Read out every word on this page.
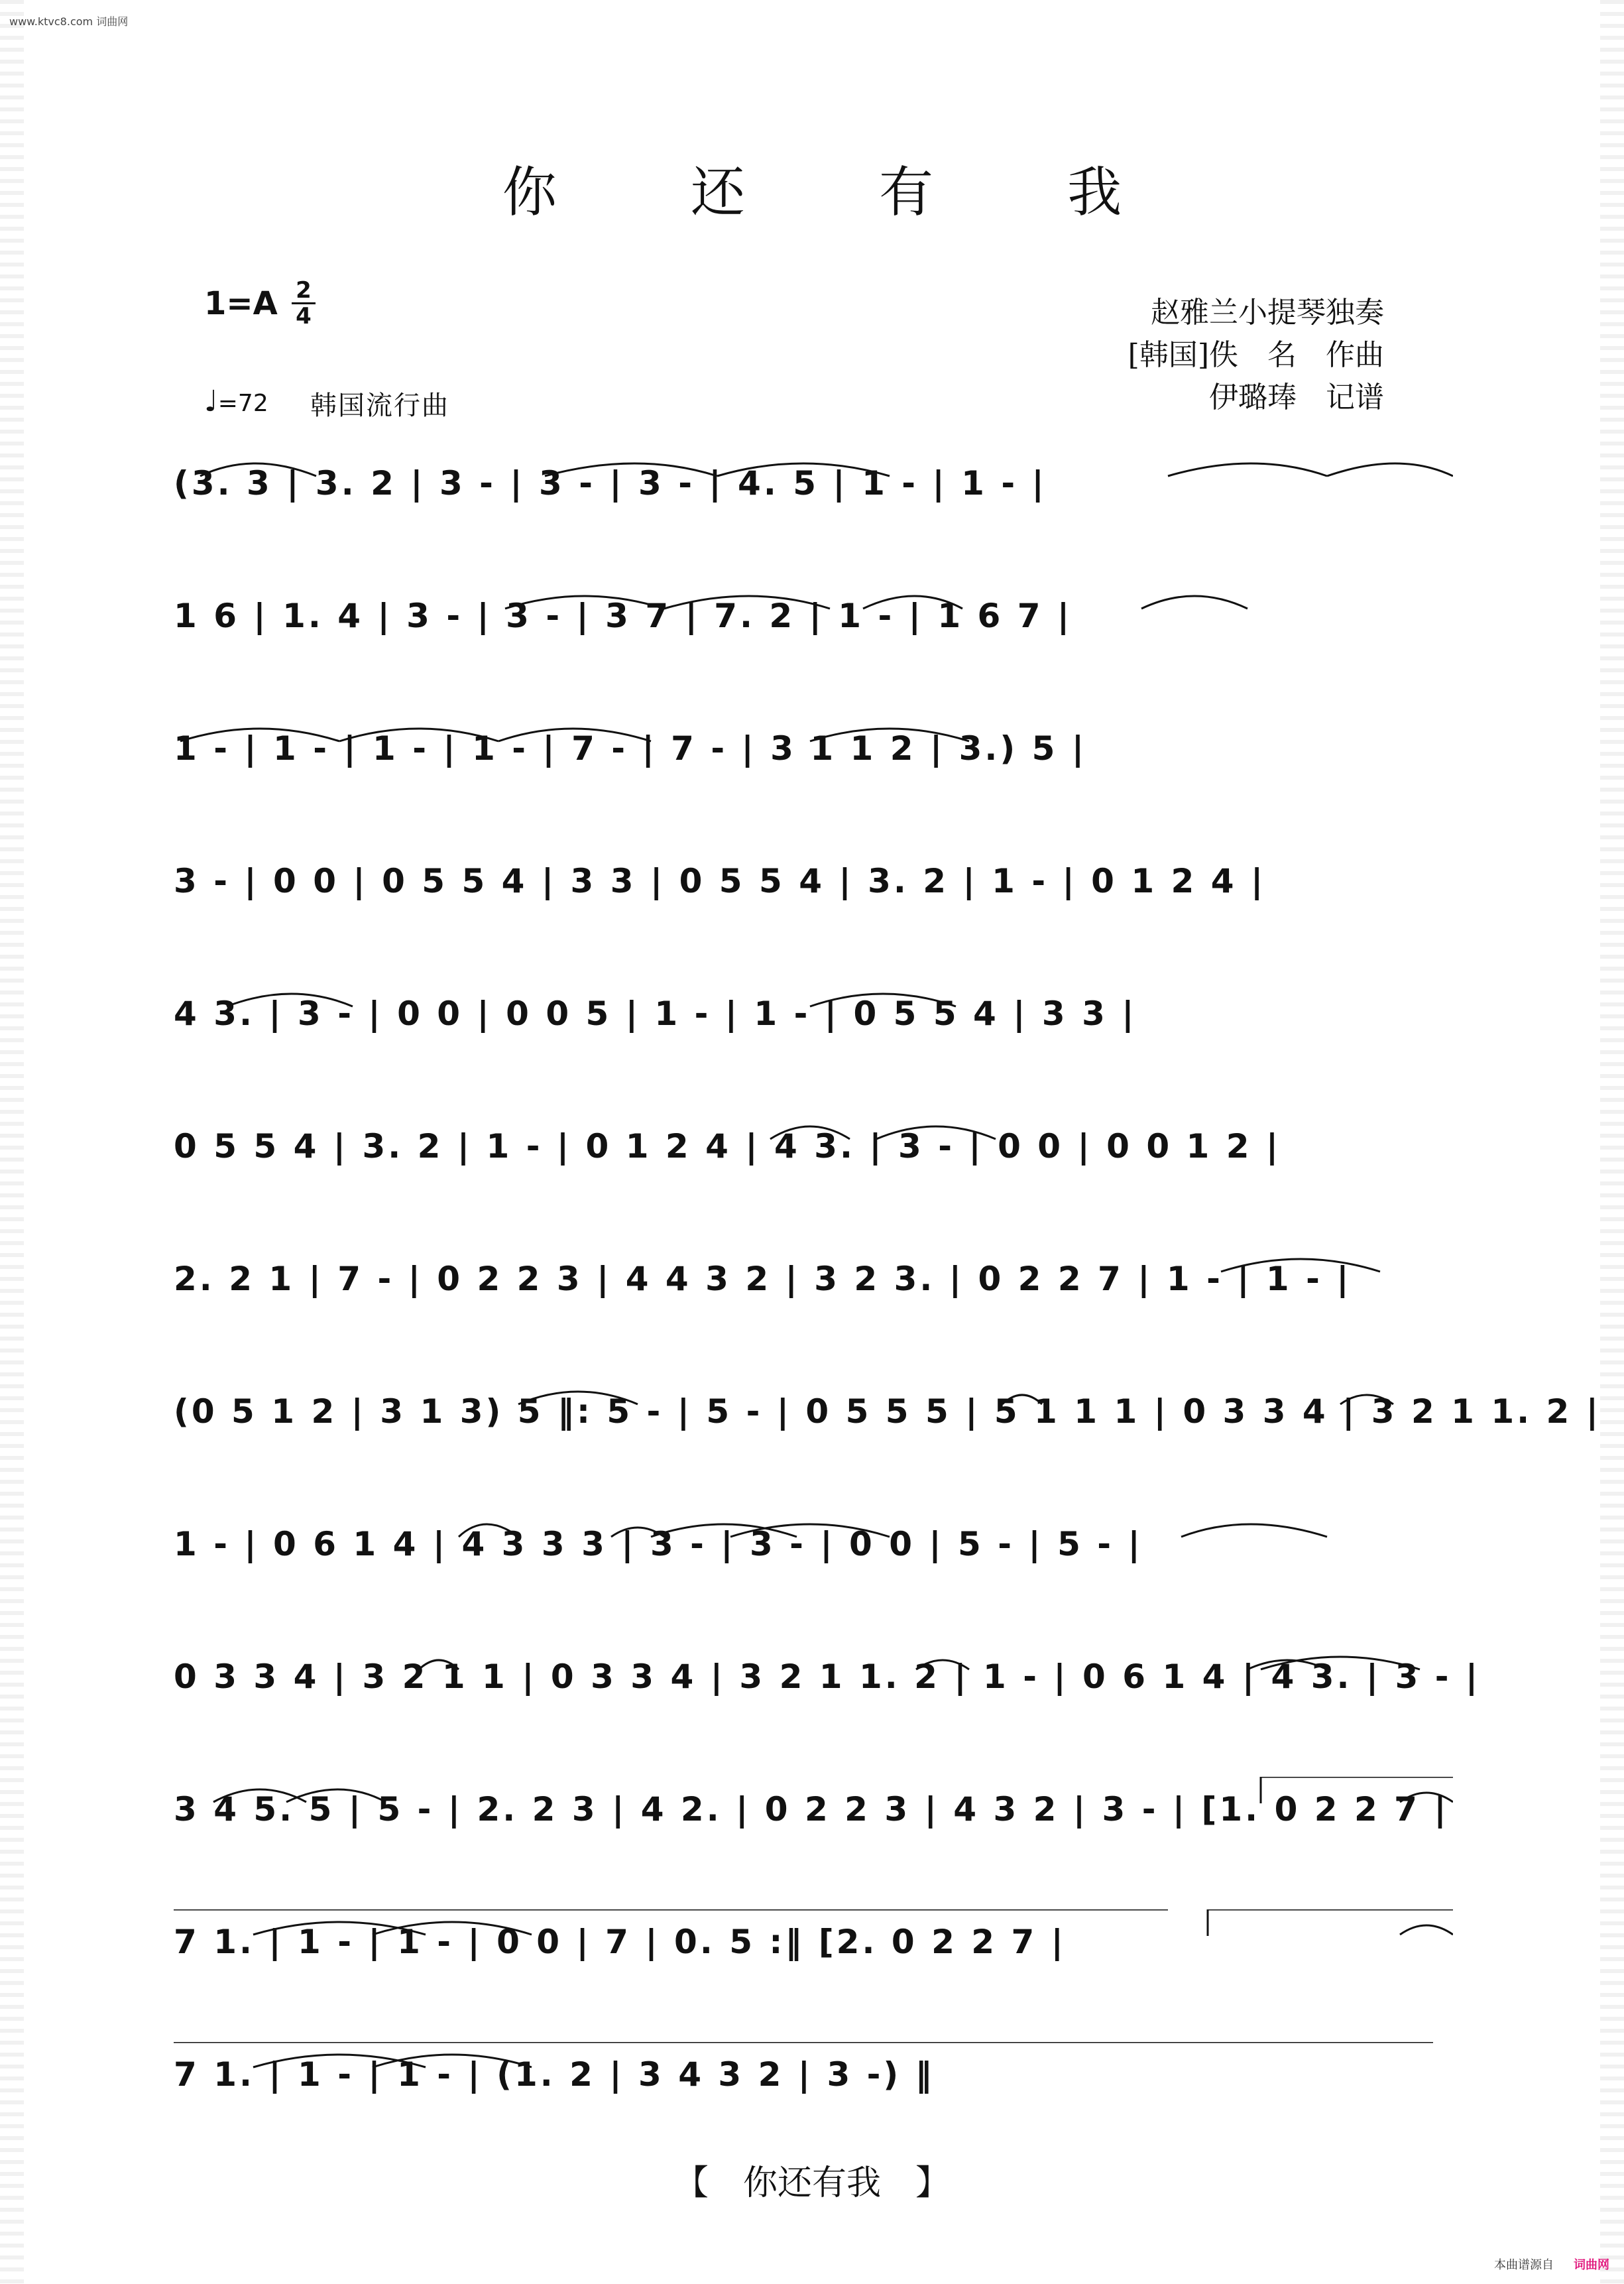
www.ktvc8.com 词曲网
你 还 有 我
$1=A \frac{2}{4}$
♩=72 韩国流行曲
赵雅兰小提琴独奏
[韩国]佚　名　作曲
伊璐琫　记谱
(3. 3 | 3. 2 | 3 - | 3 - | 3 - | 4. 5 | 1 - | 1 - |
1 6 | 1. 4 | 3 - | 3 - | 3 7 | 7. 2 | 1 - | 1 6 7 |
1 - | 1 - | 1 - | 1 - | 7 - | 7 - | 3 1 1 2 | 3.) 5 |
3 - | 0 0 | 0 5 5 4 | 3 3 | 0 5 5 4 | 3. 2 | 1 - | 0 1 2 4 |
4 3. | 3 - | 0 0 | 0 0 5 | 1 - | 1 - | 0 5 5 4 | 3 3 |
0 5 5 4 | 3. 2 | 1 - | 0 1 2 4 | 4 3. | 3 - | 0 0 | 0 0 1 2 |
2. 2 1 | 7 - | 0 2 2 3 | 4 4 3 2 | 3 2 3. | 0 2 2 7 | 1 - | 1 - |
(0 5 1 2 | 3 1 3) 5 ‖: 5 - | 5 - | 0 5 5 5 | 5 1 1 1 | 0 3 3 4 | 3 2 1 1. 2 |
1 - | 0 6 1 4 | 4 3 3 3 | 3 - | 3 - | 0 0 | 5 - | 5 - |
0 3 3 4 | 3 2 1 1 | 0 3 3 4 | 3 2 1 1. 2 | 1 - | 0 6 1 4 | 4 3. | 3 - |
3 4 5. 5 | 5 - | 2. 2 3 | 4 2. | 0 2 2 3 | 4 3 2 | 3 - | [1. 0 2 2 7 |
7 1. | 1 - | 1 - | 0 0 | 7 | 0. 5 :‖ [2. 0 2 2 7 |
7 1. | 1 - | 1 - | (1. 2 | 3 4 3 2 | 3 -) ‖
【　你还有我　】
本曲谱源自 词曲网
